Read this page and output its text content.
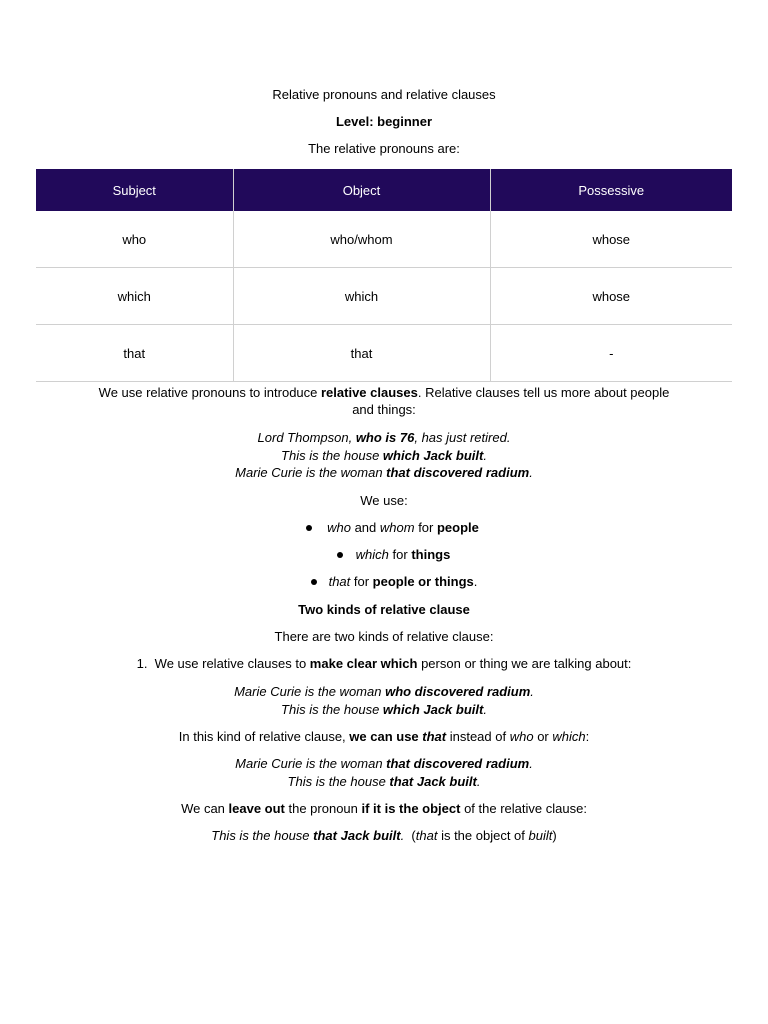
Relative pronouns and relative clauses
Level: beginner
The relative pronouns are:
Subject	Object	Possessive
who	who/whom	whose
which	which	whose
that	that	-
We use relative pronouns to introduce relative clauses. Relative clauses tell us more about people
and things:
Lord Thompson, who is 76, has just retired.
This is the house which Jack built.
Marie Curie is the woman that discovered radium.
We use:
who and whom for people
which for things
that for people or things.
Two kinds of relative clause
There are two kinds of relative clause:
1. We use relative clauses to make clear which person or thing we are talking about:
Marie Curie is the woman who discovered radium.
This is the house which Jack built.
In this kind of relative clause, we can use that instead of who or which:
Marie Curie is the woman that discovered radium.
This is the house that Jack built.
We can leave out the pronoun if it is the object of the relative clause:
This is the house that Jack built.  (that is the object of built)
